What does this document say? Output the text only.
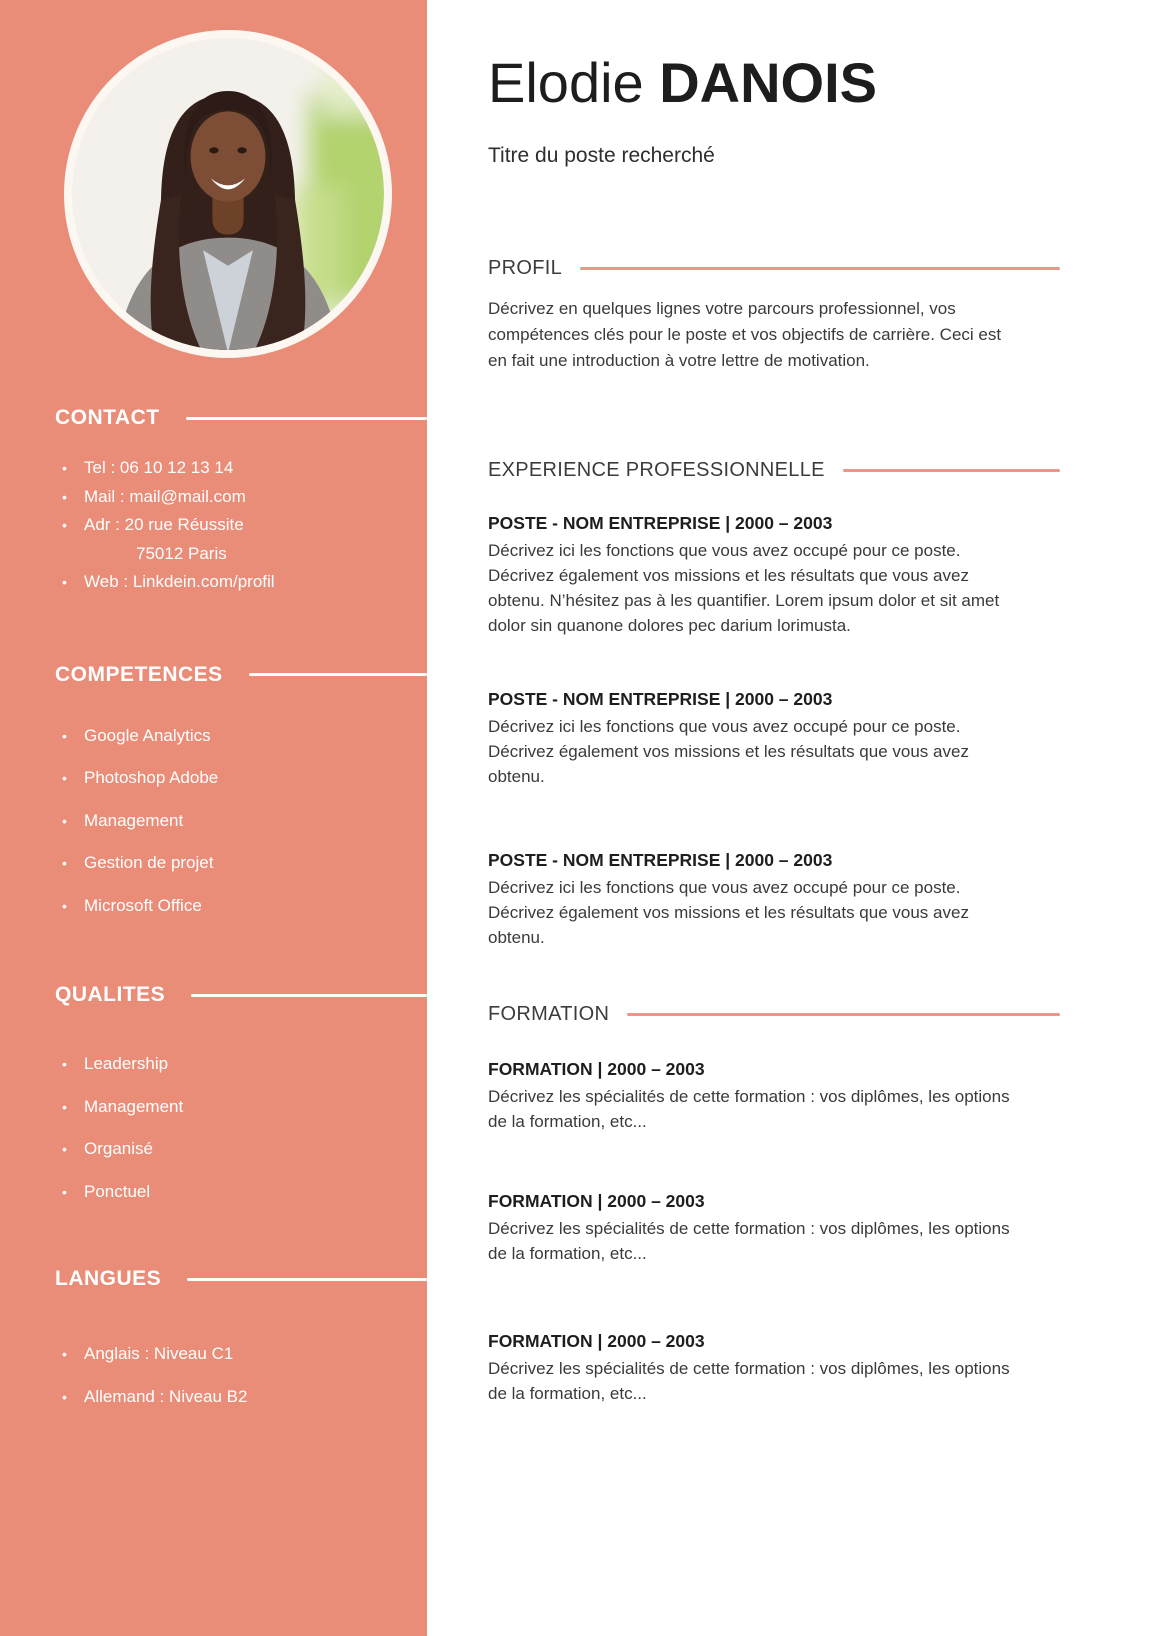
CONTACT
•	Tel : 06 10 12 13 14
•	Mail : mail@mail.com
•	Adr : 20 rue Réussite
75012 Paris
•	Web : Linkdein.com/profil
COMPETENCES
•	Google Analytics
•	Photoshop Adobe
•	Management
•	Gestion de projet
•	Microsoft Office
QUALITES
•	Leadership
•	Management
•	Organisé
•	Ponctuel
LANGUES
•	Anglais : Niveau C1
•	Allemand : Niveau B2
Elodie DANOIS

Titre du poste recherché

PROFIL

Décrivez en quelques lignes votre parcours professionnel, vos compétences clés pour le poste et vos objectifs de carrière. Ceci est en fait une introduction à votre lettre de motivation.

EXPERIENCE PROFESSIONNELLE
POSTE - NOM ENTREPRISE | 2000 – 2003

Décrivez ici les fonctions que vous avez occupé pour ce poste. Décrivez également vos missions et les résultats que vous avez obtenu. N’hésitez pas à les quantifier. Lorem ipsum dolor et sit amet dolor sin quanone dolores pec darium lorimusta.

POSTE - NOM ENTREPRISE | 2000 – 2003

Décrivez ici les fonctions que vous avez occupé pour ce poste. Décrivez également vos missions et les résultats que vous avez obtenu.

POSTE - NOM ENTREPRISE | 2000 – 2003

Décrivez ici les fonctions que vous avez occupé pour ce poste. Décrivez également vos missions et les résultats que vous avez obtenu.

FORMATION
FORMATION | 2000 – 2003

Décrivez les spécialités de cette formation : vos diplômes, les options de la formation, etc...

FORMATION | 2000 – 2003

Décrivez les spécialités de cette formation : vos diplômes, les options de la formation, etc...

FORMATION | 2000 – 2003

Décrivez les spécialités de cette formation : vos diplômes, les options de la formation, etc...
